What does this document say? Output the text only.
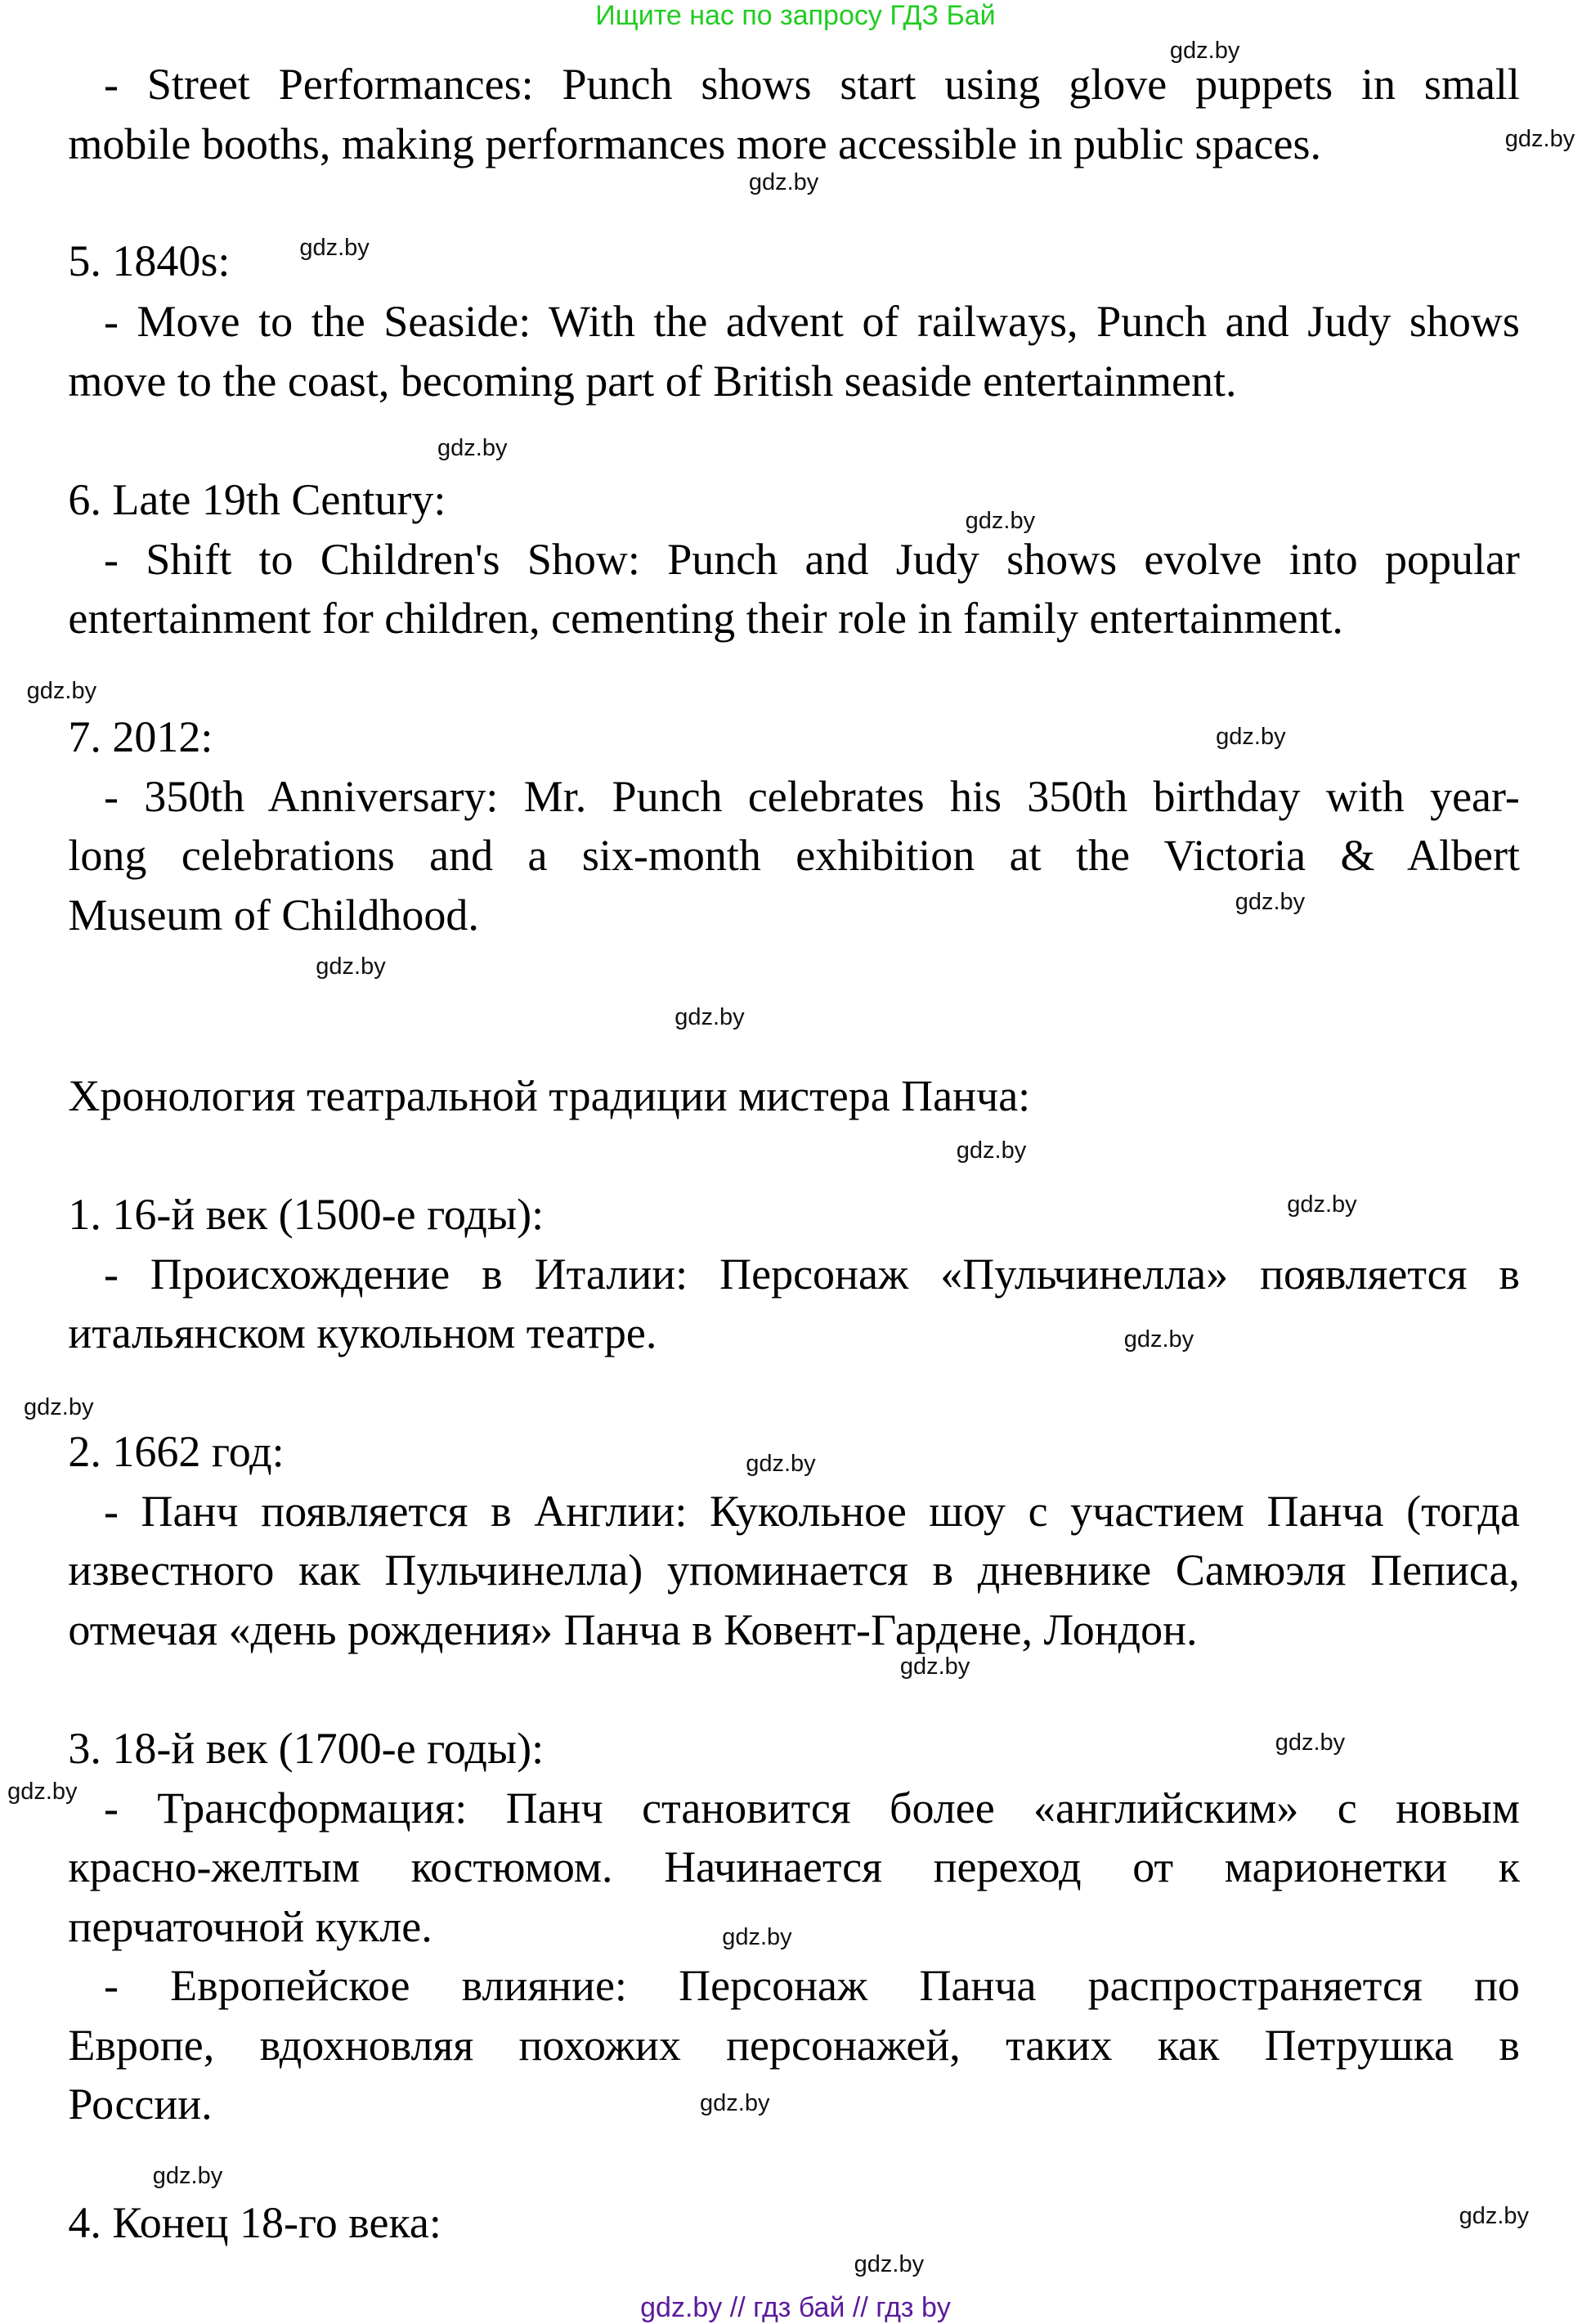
Ищите нас по запросу ГДЗ Бай
- Street Performances: Punch shows start using glove puppets in small
mobile booths, making performances more accessible in public spaces.
5. 1840s:
- Move to the Seaside: With the advent of railways, Punch and Judy shows
move to the coast, becoming part of British seaside entertainment.
6. Late 19th Century:
- Shift to Children's Show: Punch and Judy shows evolve into popular
entertainment for children, cementing their role in family entertainment.
7. 2012:
- 350th Anniversary: Mr. Punch celebrates his 350th birthday with year-
long celebrations and a six-month exhibition at the Victoria & Albert
Museum of Childhood.
Хронология театральной традиции мистера Панча:
1. 16-й век (1500-е годы):
- Происхождение в Италии: Персонаж «Пульчинелла» появляется в
итальянском кукольном театре.
2. 1662 год:
- Панч появляется в Англии: Кукольное шоу с участием Панча (тогда
известного как Пульчинелла) упоминается в дневнике Самюэля Пеписа,
отмечая «день рождения» Панча в Ковент-Гардене, Лондон.
3. 18-й век (1700-е годы):
- Трансформация: Панч становится более «английским» с новым
красно-желтым костюмом. Начинается переход от марионетки к
перчаточной кукле.
- Европейское влияние: Персонаж Панча распространяется по
Европе, вдохновляя похожих персонажей, таких как Петрушка в
России.
4. Конец 18-го века:
gdz.by
gdz.by
gdz.by
gdz.by
gdz.by
gdz.by
gdz.by
gdz.by
gdz.by
gdz.by
gdz.by
gdz.by
gdz.by
gdz.by
gdz.by
gdz.by
gdz.by
gdz.by
gdz.by
gdz.by
gdz.by
gdz.by
gdz.by
gdz.by
gdz.by // гдз бай // гдз by
